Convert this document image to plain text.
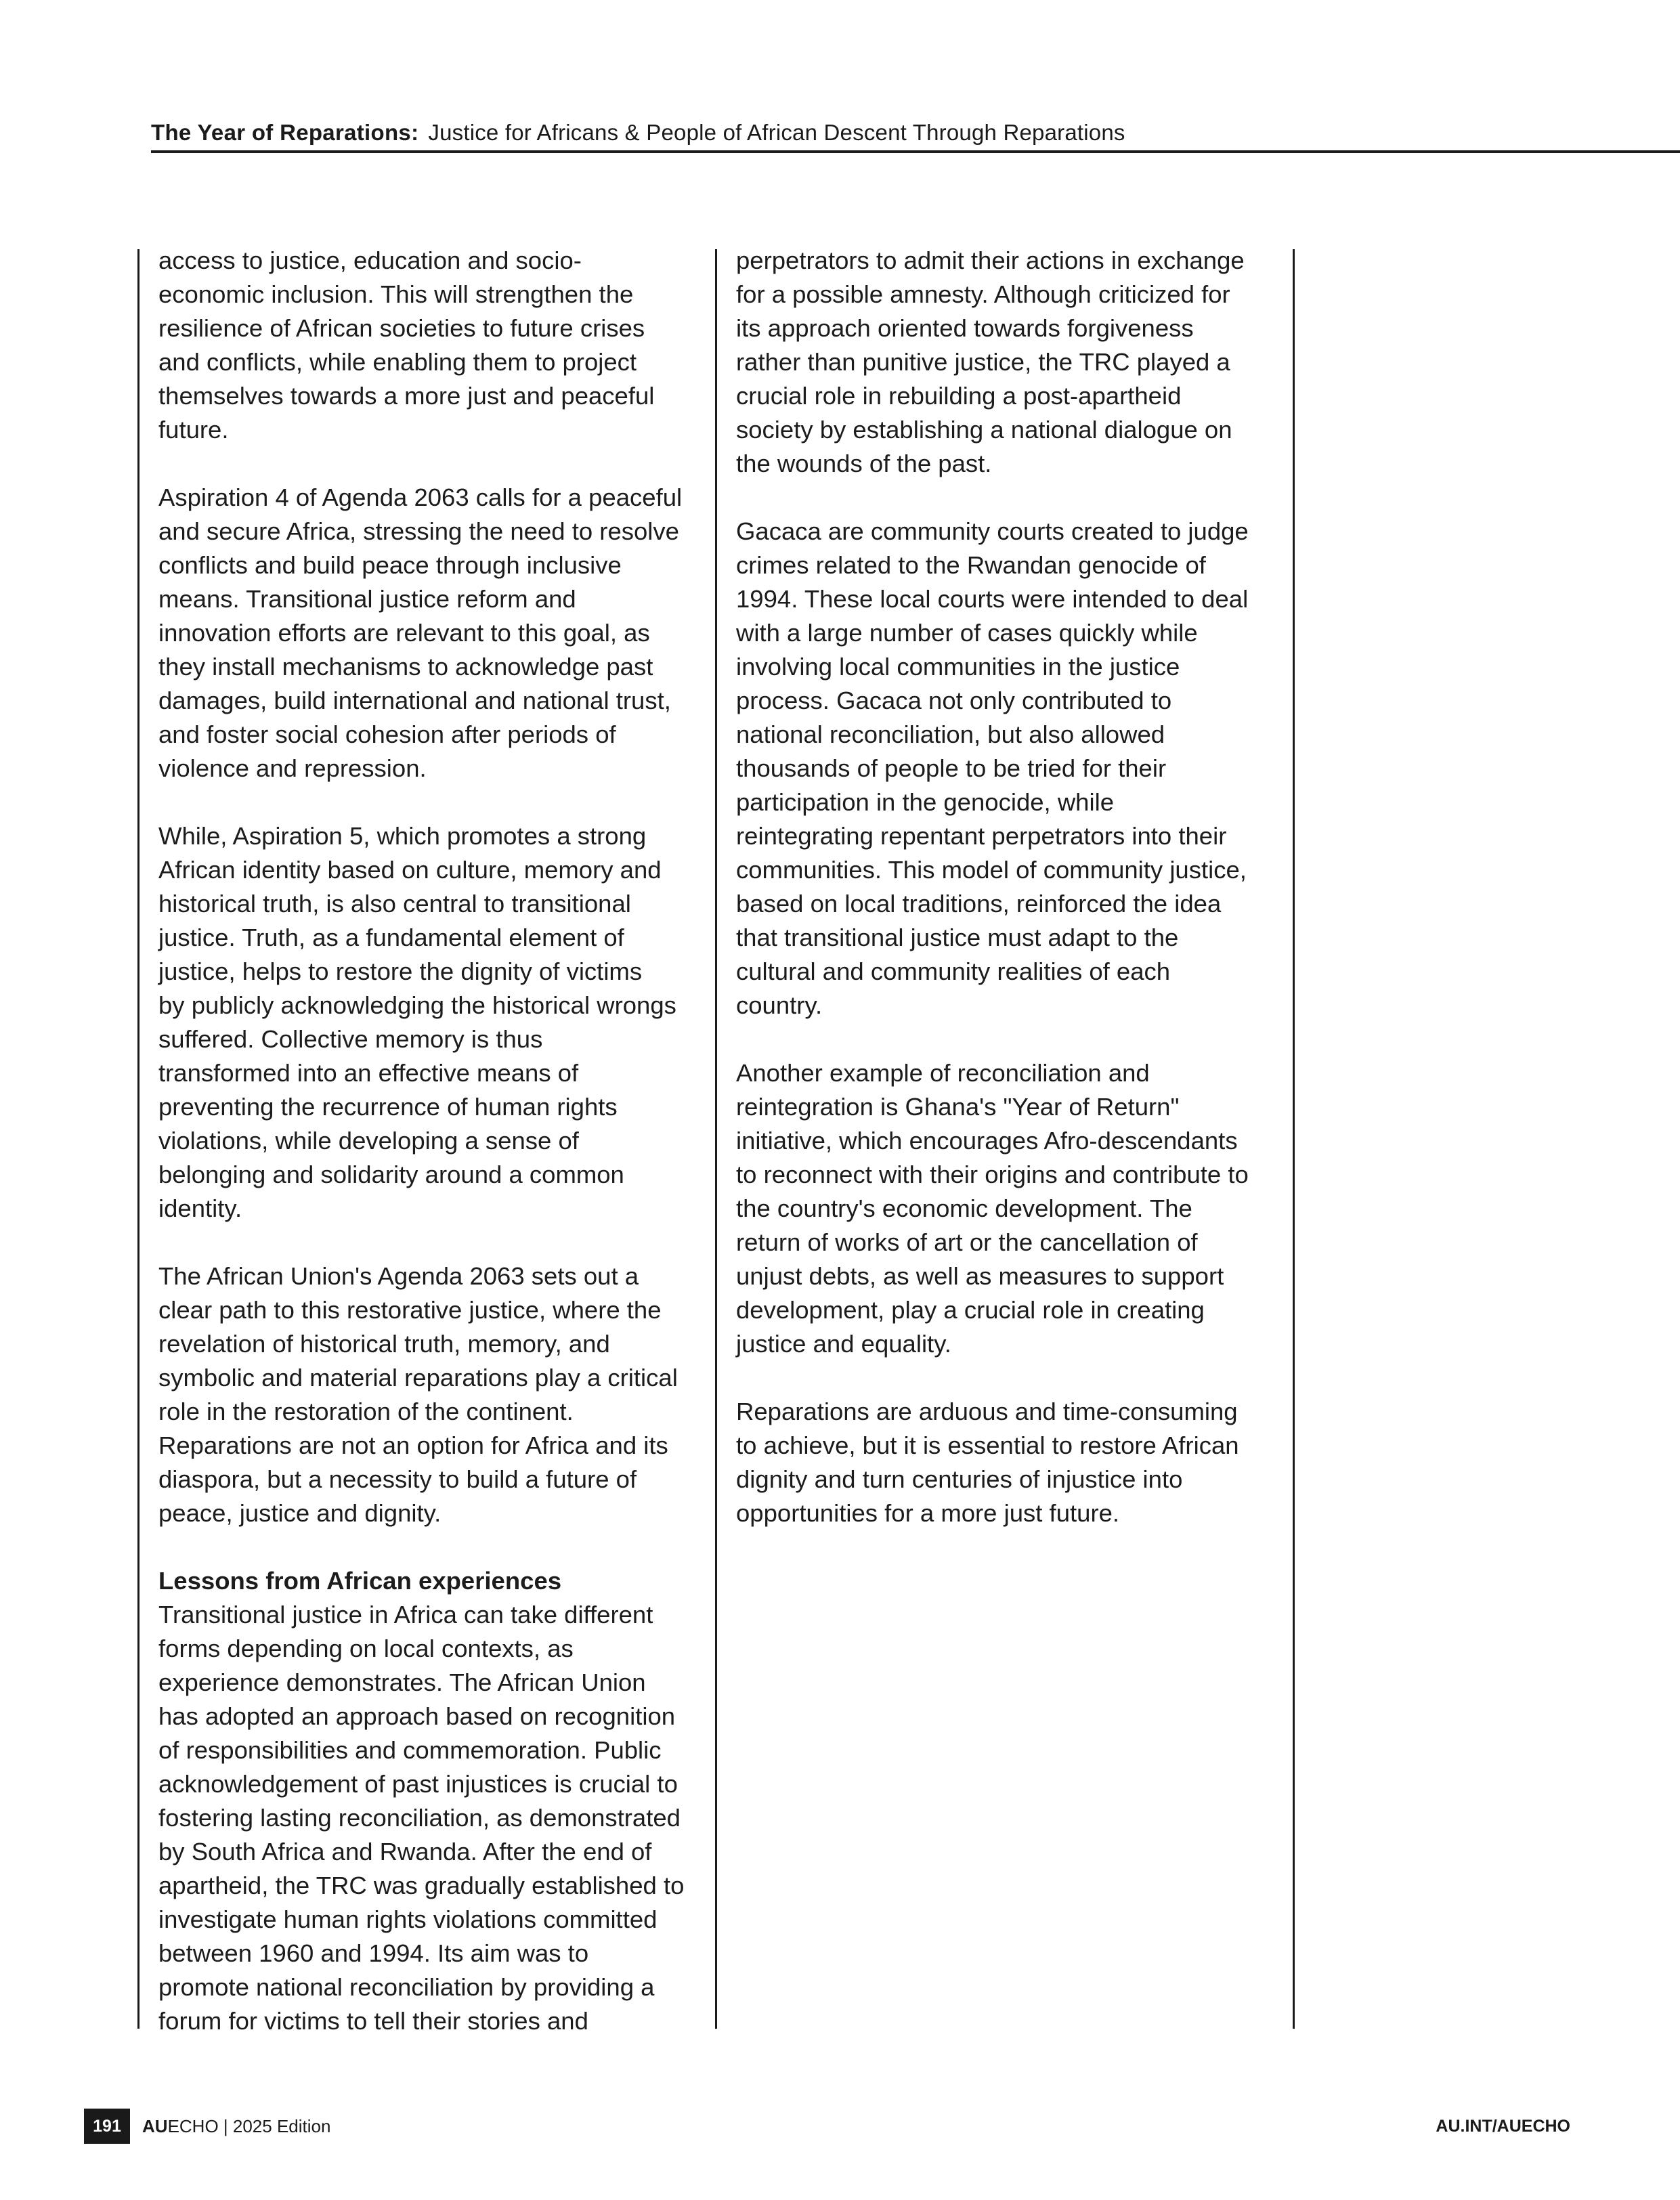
The Year of Reparations: Justice for Africans & People of African Descent Through Reparations

access to justice, education and socio-
economic inclusion. This will strengthen the
resilience of African societies to future crises
and conflicts, while enabling them to project
themselves towards a more just and peaceful
future.

Aspiration 4 of Agenda 2063 calls for a peaceful
and secure Africa, stressing the need to resolve
conflicts and build peace through inclusive
means. Transitional justice reform and
innovation efforts are relevant to this goal, as
they install mechanisms to acknowledge past
damages, build international and national trust,
and foster social cohesion after periods of
violence and repression.

While, Aspiration 5, which promotes a strong
African identity based on culture, memory and
historical truth, is also central to transitional
justice. Truth, as a fundamental element of
justice, helps to restore the dignity of victims
by publicly acknowledging the historical wrongs
suffered. Collective memory is thus
transformed into an effective means of
preventing the recurrence of human rights
violations, while developing a sense of
belonging and solidarity around a common
identity.

The African Union's Agenda 2063 sets out a
clear path to this restorative justice, where the
revelation of historical truth, memory, and
symbolic and material reparations play a critical
role in the restoration of the continent.
Reparations are not an option for Africa and its
diaspora, but a necessity to build a future of
peace, justice and dignity.

Lessons from African experiences

Transitional justice in Africa can take different
forms depending on local contexts, as
experience demonstrates. The African Union
has adopted an approach based on recognition
of responsibilities and commemoration. Public
acknowledgement of past injustices is crucial to
fostering lasting reconciliation, as demonstrated
by South Africa and Rwanda. After the end of
apartheid, the TRC was gradually established to
investigate human rights violations committed
between 1960 and 1994. Its aim was to
promote national reconciliation by providing a
forum for victims to tell their stories and

perpetrators to admit their actions in exchange
for a possible amnesty. Although criticized for
its approach oriented towards forgiveness
rather than punitive justice, the TRC played a
crucial role in rebuilding a post-apartheid
society by establishing a national dialogue on
the wounds of the past.

Gacaca are community courts created to judge
crimes related to the Rwandan genocide of
1994. These local courts were intended to deal
with a large number of cases quickly while
involving local communities in the justice
process. Gacaca not only contributed to
national reconciliation, but also allowed
thousands of people to be tried for their
participation in the genocide, while
reintegrating repentant perpetrators into their
communities. This model of community justice,
based on local traditions, reinforced the idea
that transitional justice must adapt to the
cultural and community realities of each
country.

Another example of reconciliation and
reintegration is Ghana's "Year of Return"
initiative, which encourages Afro-descendants
to reconnect with their origins and contribute to
the country's economic development. The
return of works of art or the cancellation of
unjust debts, as well as measures to support
development, play a crucial role in creating
justice and equality.

Reparations are arduous and time-consuming
to achieve, but it is essential to restore African
dignity and turn centuries of injustice into
opportunities for a more just future.

191	AUECHO | 2025 Edition	AU.INT/AUECHO
